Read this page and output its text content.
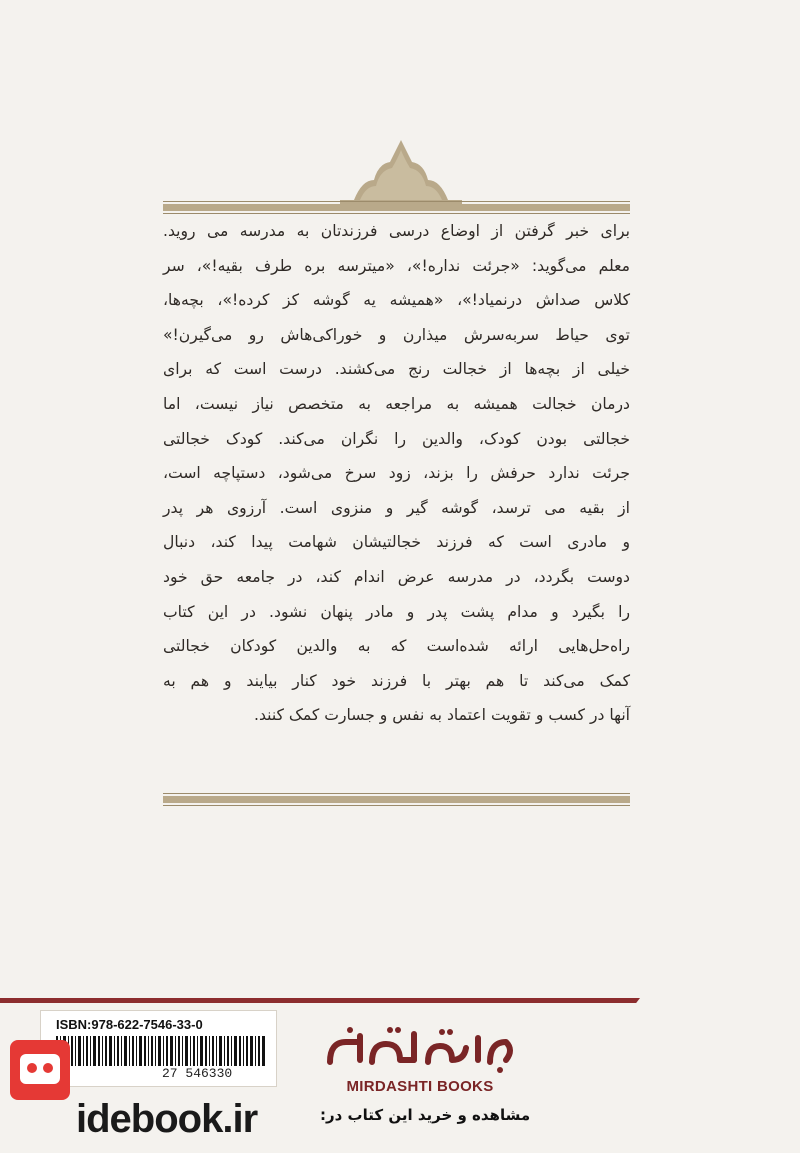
برای خبر گرفتن از اوضاع درسی فرزندتان به مدرسه می روید.
معلم می‌گوید: «جرئت نداره!»، «میترسه بره طرف بقیه!»، سر
کلاس صداش درنمیاد!»، «همیشه یه گوشه کز کرده!»، بچه‌ها،
توی حیاط سربه‌سرش میذارن و خوراکی‌هاش رو می‌گیرن!»
خیلی از بچه‌ها از خجالت رنج می‌کشند. درست است که برای
درمان خجالت همیشه به مراجعه به متخصص نیاز نیست، اما
خجالتی بودن کودک، والدین را نگران می‌کند. کودک خجالتی
جرئت ندارد حرفش را بزند، زود سرخ می‌شود، دستپاچه است،
از بقیه می ترسد، گوشه گیر و منزوی است. آرزوی هر پدر
و مادری است که فرزند خجالتیشان شهامت پیدا کند، دنبال
دوست بگردد، در مدرسه عرض اندام کند، در جامعه حق خود
را بگیرد و مدام پشت پدر و مادر پنهان نشود. در این کتاب
راه‌حل‌هایی ارائه شده‌است که به والدین کودکان خجالتی
کمک می‌کند تا هم بهتر با فرزند خود کنار بیایند و هم به
آنها در کسب و تقویت اعتماد به نفس و جسارت کمک کنند.
ISBN:978-622-7546-33-0
27 546330
کتاب میردشتی
MIRDASHTI BOOKS
idebook.ir	مشاهده و خرید این کتاب در:
